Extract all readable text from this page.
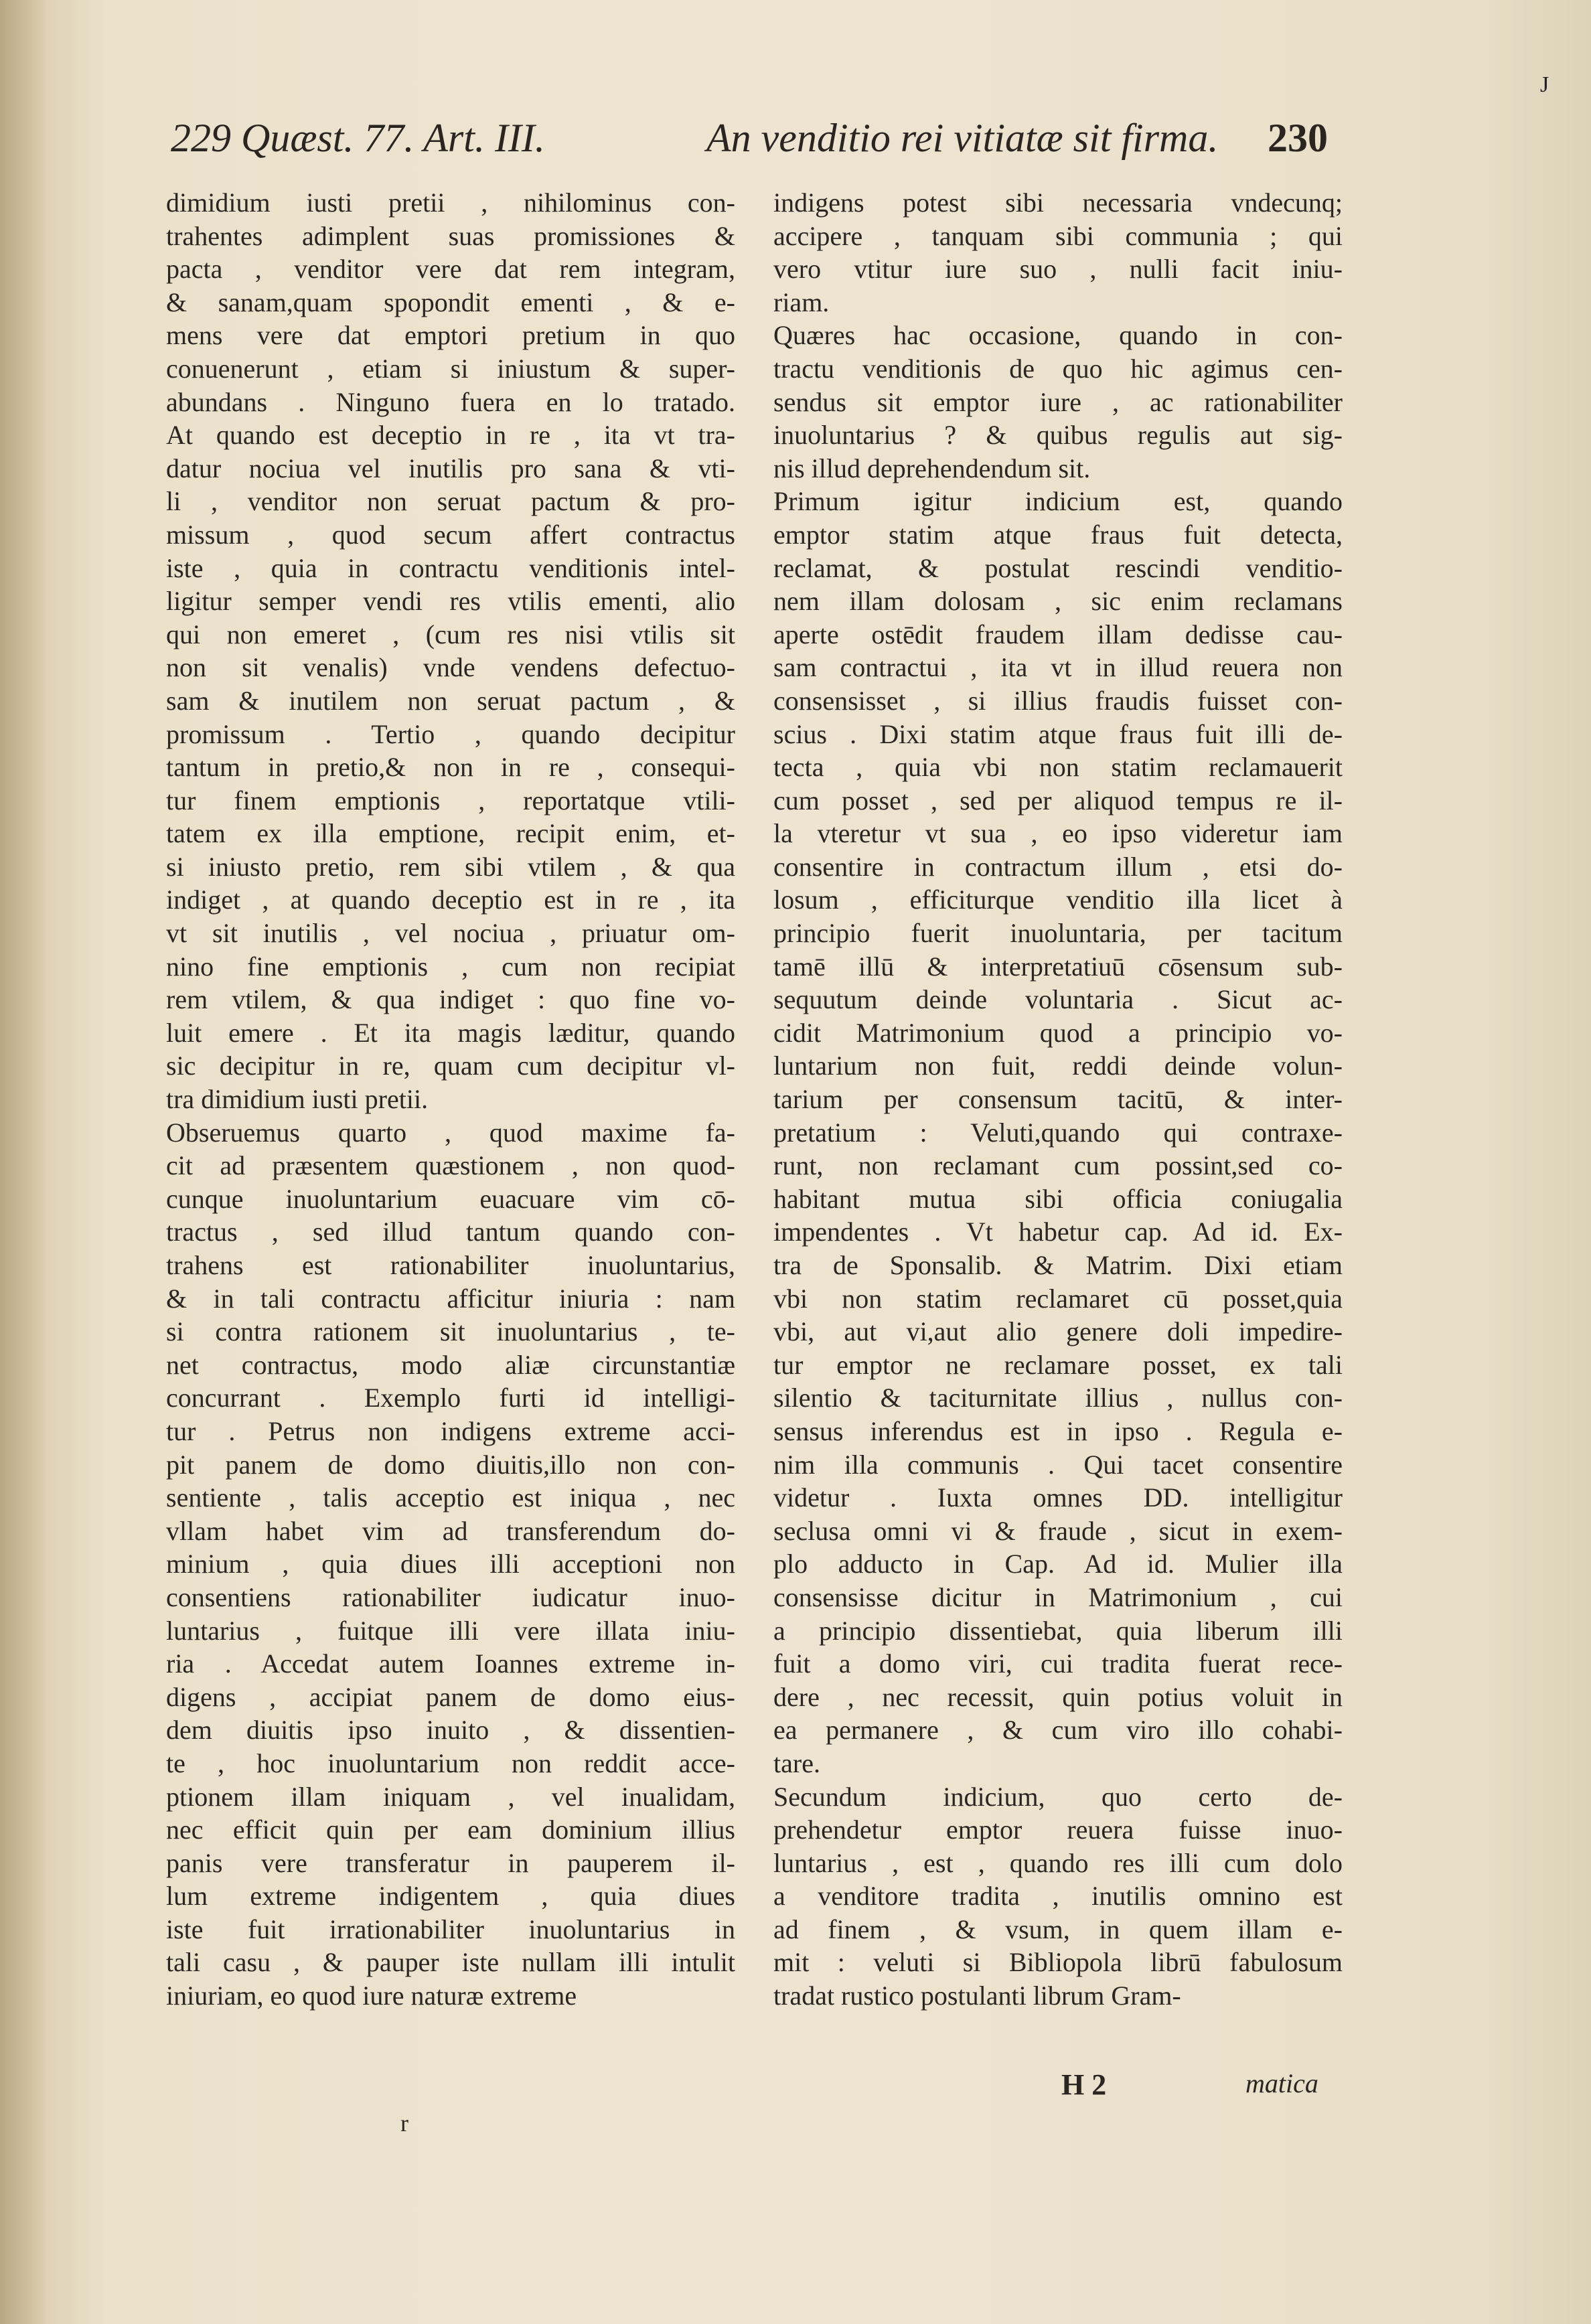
J
229 Quæst. 77. Art. III.	An venditio rei vitiatæ sit firma. 230
dimidium iusti pretii , nihilominus con-
trahentes adimplent suas promissiones &
pacta , venditor vere dat rem integram,
& sanam,quam spopondit ementi , & e-
mens vere dat emptori pretium in quo
conuenerunt , etiam si iniustum & super-
abundans . Ninguno fuera en lo tratado.
At quando est deceptio in re , ita vt tra-
datur nociua vel inutilis pro sana & vti-
li , venditor non seruat pactum & pro-
missum , quod secum affert contractus
iste , quia in contractu venditionis intel-
ligitur semper vendi res vtilis ementi, alio
qui non emeret , (cum res nisi vtilis sit
non sit venalis) vnde vendens defectuo-
sam & inutilem non seruat pactum , &
promissum . Tertio , quando decipitur
tantum in pretio,& non in re , consequi-
tur finem emptionis , reportatque vtili-
tatem ex illa emptione, recipit enim, et-
si iniusto pretio, rem sibi vtilem , & qua
indiget , at quando deceptio est in re , ita
vt sit inutilis , vel nociua , priuatur om-
nino fine emptionis , cum non recipiat
rem vtilem, & qua indiget : quo fine vo-
luit emere . Et ita magis læditur, quando
sic decipitur in re, quam cum decipitur vl-
tra dimidium iusti pretii.
Obseruemus quarto , quod maxime fa-
cit ad præsentem quæstionem , non quod-
cunque inuoluntarium euacuare vim cō-
tractus , sed illud tantum quando con-
trahens est rationabiliter inuoluntarius,
& in tali contractu afficitur iniuria : nam
si contra rationem sit inuoluntarius , te-
net contractus, modo aliæ circunstantiæ
concurrant . Exemplo furti id intelligi-
tur . Petrus non indigens extreme acci-
pit panem de domo diuitis,illo non con-
sentiente , talis acceptio est iniqua , nec
vllam habet vim ad transferendum do-
minium , quia diues illi acceptioni non
consentiens rationabiliter iudicatur inuo-
luntarius , fuitque illi vere illata iniu-
ria . Accedat autem Ioannes extreme in-
digens , accipiat panem de domo eius-
dem diuitis ipso inuito , & dissentien-
te , hoc inuoluntarium non reddit acce-
ptionem illam iniquam , vel inualidam,
nec efficit quin per eam dominium illius
panis vere transferatur in pauperem il-
lum extreme indigentem , quia diues
iste fuit irrationabiliter inuoluntarius in
tali casu , & pauper iste nullam illi intulit
iniuriam, eo quod iure naturæ extreme
indigens potest sibi necessaria vndecunq;
accipere , tanquam sibi communia ; qui
vero vtitur iure suo , nulli facit iniu-
riam.
Quæres hac occasione, quando in con-
tractu venditionis de quo hic agimus cen-
sendus sit emptor iure , ac rationabiliter
inuoluntarius ? & quibus regulis aut sig-
nis illud deprehendendum sit.
Primum igitur indicium est, quando
emptor statim atque fraus fuit detecta,
reclamat, & postulat rescindi venditio-
nem illam dolosam , sic enim reclamans
aperte ostēdit fraudem illam dedisse cau-
sam contractui , ita vt in illud reuera non
consensisset , si illius fraudis fuisset con-
scius . Dixi statim atque fraus fuit illi de-
tecta , quia vbi non statim reclamauerit
cum posset , sed per aliquod tempus re il-
la vteretur vt sua , eo ipso videretur iam
consentire in contractum illum , etsi do-
losum , efficiturque venditio illa licet à
principio fuerit inuoluntaria, per tacitum
tamē illū & interpretatiuū cōsensum sub-
sequutum deinde voluntaria . Sicut ac-
cidit Matrimonium quod a principio vo-
luntarium non fuit, reddi deinde volun-
tarium per consensum tacitū, & inter-
pretatium : Veluti,quando qui contraxe-
runt, non reclamant cum possint,sed co-
habitant mutua sibi officia coniugalia
impendentes . Vt habetur cap. Ad id. Ex-
tra de Sponsalib. & Matrim. Dixi etiam
vbi non statim reclamaret cū posset,quia
vbi, aut vi,aut alio genere doli impedire-
tur emptor ne reclamare posset, ex tali
silentio & taciturnitate illius , nullus con-
sensus inferendus est in ipso . Regula e-
nim illa communis . Qui tacet consentire
videtur . Iuxta omnes DD. intelligitur
seclusa omni vi & fraude , sicut in exem-
plo adducto in Cap. Ad id. Mulier illa
consensisse dicitur in Matrimonium , cui
a principio dissentiebat, quia liberum illi
fuit a domo viri, cui tradita fuerat rece-
dere , nec recessit, quin potius voluit in
ea permanere , & cum viro illo cohabi-
tare.
Secundum indicium, quo certo de-
prehendetur emptor reuera fuisse inuo-
luntarius , est , quando res illi cum dolo
a venditore tradita , inutilis omnino est
ad finem , & vsum, in quem illam e-
mit : veluti si Bibliopola librū fabulosum
tradat rustico postulanti librum Gram-
H 2	matica
r
